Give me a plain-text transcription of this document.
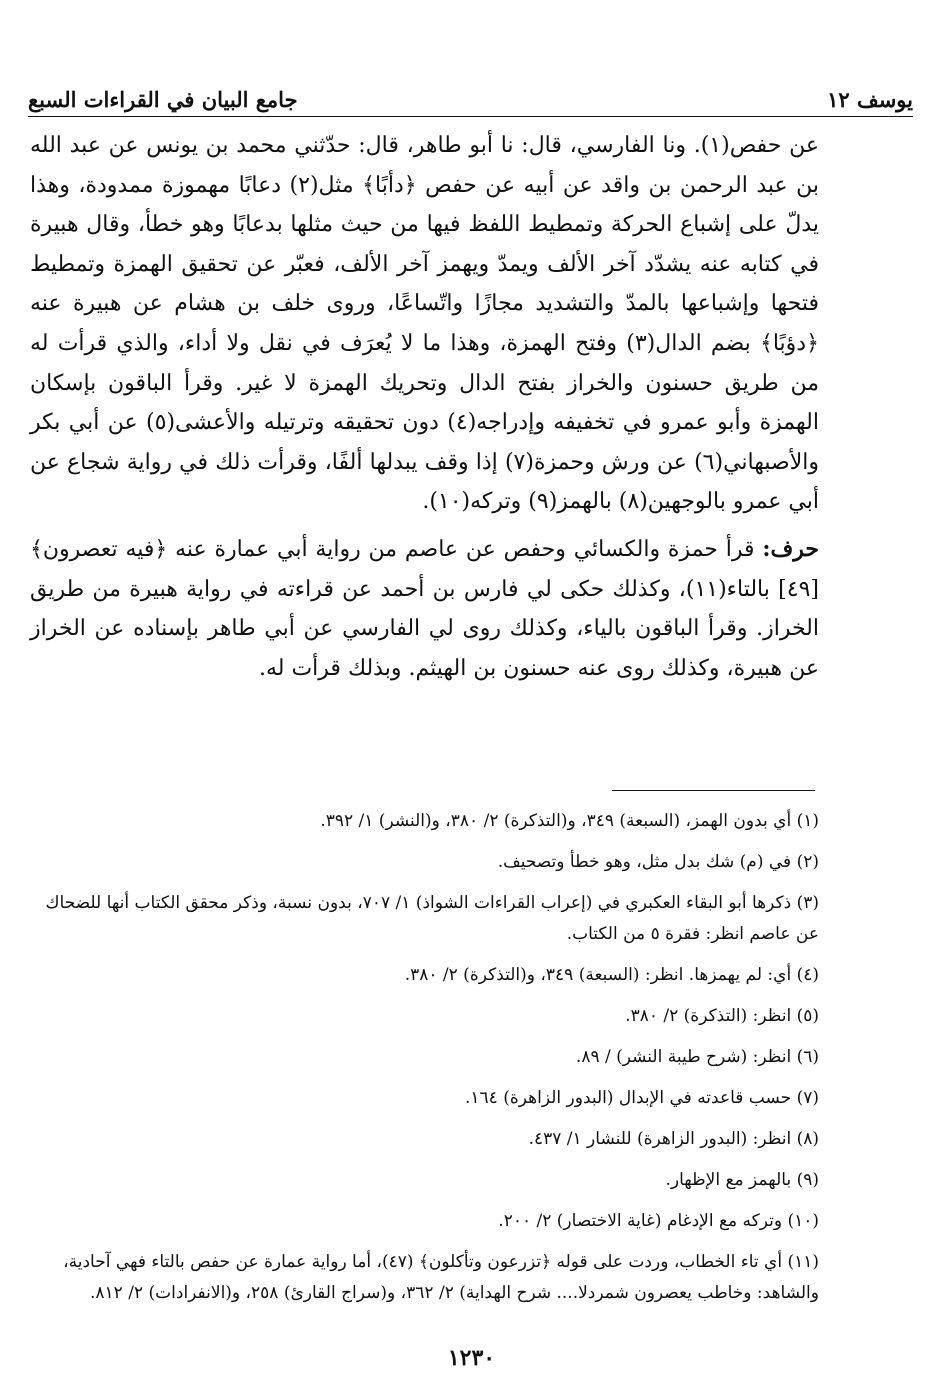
يوسف ١٢
جامع البيان في القراءات السبع

عن حفص(١). ونا الفارسي، قال: نا أبو طاهر، قال: حدّثني محمد بن يونس عن عبد الله بن عبد الرحمن بن واقد عن أبيه عن حفص ﴿دأبًا﴾ مثل(٢) دعابًا مهموزة ممدودة، وهذا يدلّ على إشباع الحركة وتمطيط اللفظ فيها من حيث مثلها بدعابًا وهو خطأ، وقال هبيرة في كتابه عنه يشدّد آخر الألف ويمدّ ويهمز آخر الألف، فعبّر عن تحقيق الهمزة وتمطيط فتحها وإشباعها بالمدّ والتشديد مجازًا واتّساعًا، وروى خلف بن هشام عن هبيرة عنه ﴿دؤبًا﴾ بضم الدال(٣) وفتح الهمزة، وهذا ما لا يُعرَف في نقل ولا أداء، والذي قرأت له من طريق حسنون والخراز بفتح الدال وتحريك الهمزة لا غير. وقرأ الباقون بإسكان الهمزة وأبو عمرو في تخفيفه وإدراجه(٤) دون تحقيقه وترتيله والأعشى(٥) عن أبي بكر والأصبهاني(٦) عن ورش وحمزة(٧) إذا وقف يبدلها ألفًا، وقرأت ذلك في رواية شجاع عن أبي عمرو بالوجهين(٨) بالهمز(٩) وتركه(١٠).

حرف: قرأ حمزة والكسائي وحفص عن عاصم من رواية أبي عمارة عنه ﴿فيه تعصرون﴾ [٤٩] بالتاء(١١)، وكذلك حكى لي فارس بن أحمد عن قراءته في رواية هبيرة من طريق الخراز. وقرأ الباقون بالياء، وكذلك روى لي الفارسي عن أبي طاهر بإسناده عن الخراز عن هبيرة، وكذلك روى عنه حسنون بن الهيثم. وبذلك قرأت له.

(١) أي بدون الهمز، (السبعة) ٣٤٩، و(التذكرة) ٢/ ٣٨٠، و(النشر) ١/ ٣٩٢.

(٢) في (م) شك بدل مثل، وهو خطأ وتصحيف.

(٣) ذكرها أبو البقاء العكبري في (إعراب القراءات الشواذ) ١/ ٧٠٧، بدون نسبة، وذكر محقق الكتاب أنها للضحاك عن عاصم انظر: فقرة ٥ من الكتاب.

(٤) أي: لم يهمزها. انظر: (السبعة) ٣٤٩، و(التذكرة) ٢/ ٣٨٠.

(٥) انظر: (التذكرة) ٢/ ٣٨٠.

(٦) انظر: (شرح طيبة النشر) / ٨٩.

(٧) حسب قاعدته في الإبدال (البدور الزاهرة) ١٦٤.

(٨) انظر: (البدور الزاهرة) للنشار ١/ ٤٣٧.

(٩) بالهمز مع الإظهار.

(١٠) وتركه مع الإدغام (غاية الاختصار) ٢/ ٢٠٠.

(١١) أي تاء الخطاب، وردت على قوله ﴿تزرعون وتأكلون﴾ (٤٧)، أما رواية عمارة عن حفص بالتاء فهي آحادية، والشاهد: وخاطب يعصرون شمردلا.... شرح الهداية) ٢/ ٣٦٢، و(سراج القارئ) ٢٥٨، و(الانفرادات) ٢/ ٨١٢.

١٢٣٠
